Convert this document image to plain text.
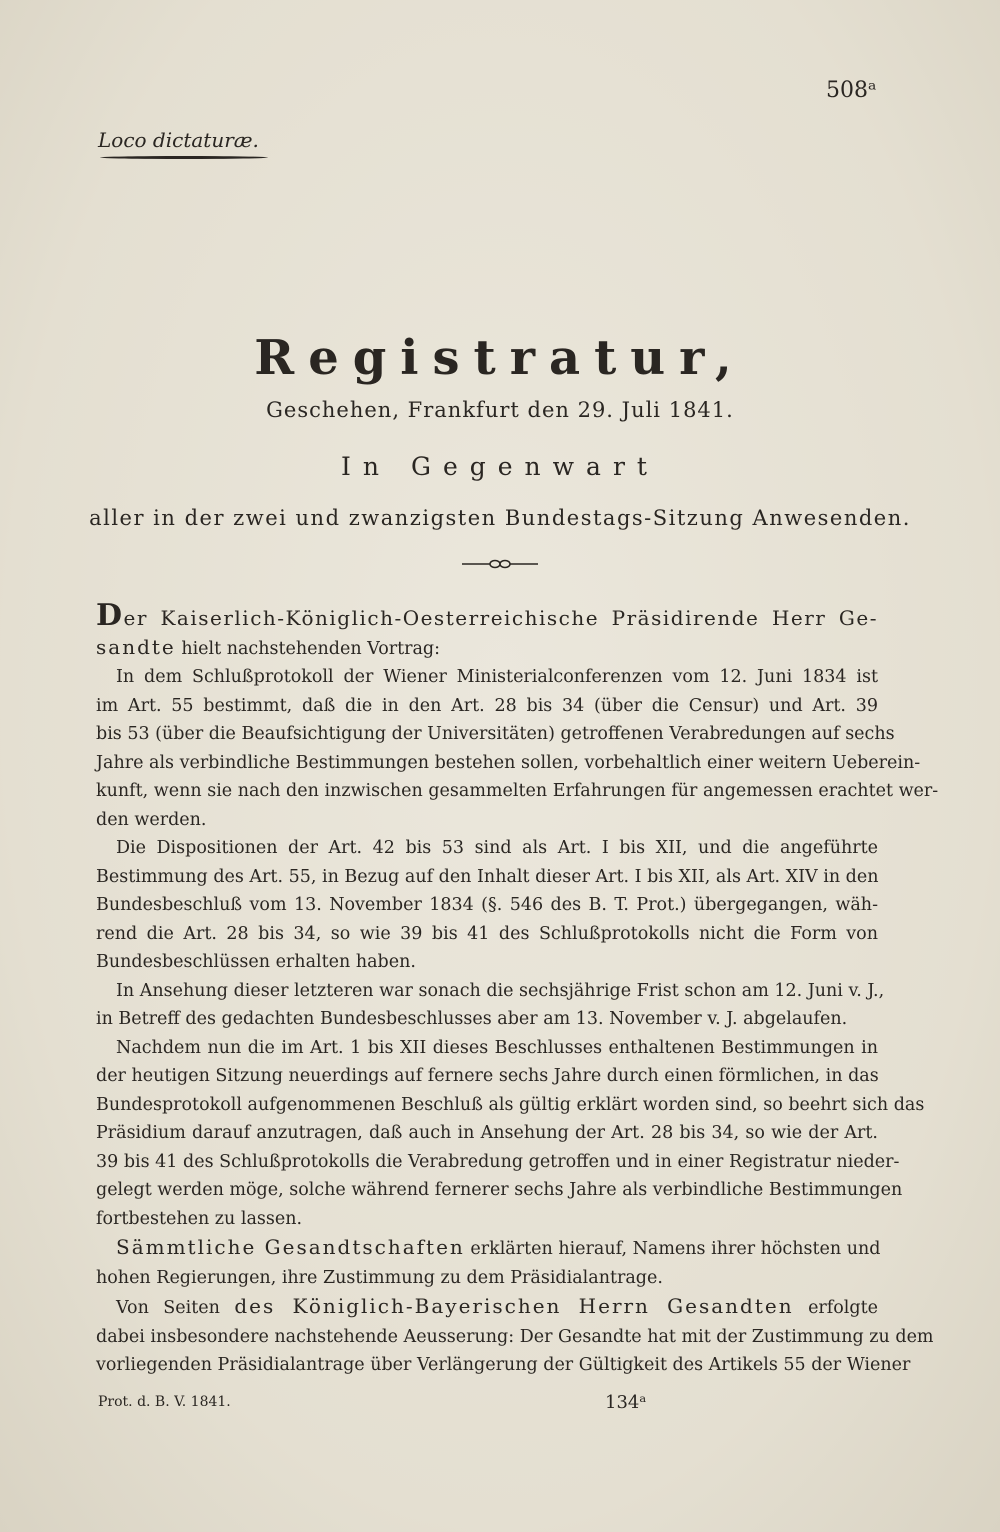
508ᵃ
Loco dictaturæ.
Registratur,
Geschehen, Frankfurt den 29. Juli 1841.
In Gegenwart
aller in der zwei und zwanzigsten Bundestags-Sitzung Anwesenden.
Der Kaiserlich-Königlich-Oesterreichische Präsidirende Herr Ge-
sandte hielt nachstehenden Vortrag:
In dem Schlußprotokoll der Wiener Ministerialconferenzen vom 12. Juni 1834 ist
im Art. 55 bestimmt, daß die in den Art. 28 bis 34 (über die Censur) und Art. 39
bis 53 (über die Beaufsichtigung der Universitäten) getroffenen Verabredungen auf sechs
Jahre als verbindliche Bestimmungen bestehen sollen, vorbehaltlich einer weitern Ueberein-
kunft, wenn sie nach den inzwischen gesammelten Erfahrungen für angemessen erachtet wer-
den werden.
Die Dispositionen der Art. 42 bis 53 sind als Art. I bis XII, und die angeführte
Bestimmung des Art. 55, in Bezug auf den Inhalt dieser Art. I bis XII, als Art. XIV in den
Bundesbeschluß vom 13. November 1834 (§. 546 des B. T. Prot.) übergegangen, wäh-
rend die Art. 28 bis 34, so wie 39 bis 41 des Schlußprotokolls nicht die Form von
Bundesbeschlüssen erhalten haben.
In Ansehung dieser letzteren war sonach die sechsjährige Frist schon am 12. Juni v. J.,
in Betreff des gedachten Bundesbeschlusses aber am 13. November v. J. abgelaufen.
Nachdem nun die im Art. 1 bis XII dieses Beschlusses enthaltenen Bestimmungen in
der heutigen Sitzung neuerdings auf fernere sechs Jahre durch einen förmlichen, in das
Bundesprotokoll aufgenommenen Beschluß als gültig erklärt worden sind, so beehrt sich das
Präsidium darauf anzutragen, daß auch in Ansehung der Art. 28 bis 34, so wie der Art.
39 bis 41 des Schlußprotokolls die Verabredung getroffen und in einer Registratur nieder-
gelegt werden möge, solche während fernerer sechs Jahre als verbindliche Bestimmungen
fortbestehen zu lassen.
Sämmtliche Gesandtschaften erklärten hierauf, Namens ihrer höchsten und
hohen Regierungen, ihre Zustimmung zu dem Präsidialantrage.
Von Seiten des Königlich-Bayerischen Herrn Gesandten erfolgte
dabei insbesondere nachstehende Aeusserung: Der Gesandte hat mit der Zustimmung zu dem
vorliegenden Präsidialantrage über Verlängerung der Gültigkeit des Artikels 55 der Wiener
Prot. d. B. V. 1841.	134ᵃ
